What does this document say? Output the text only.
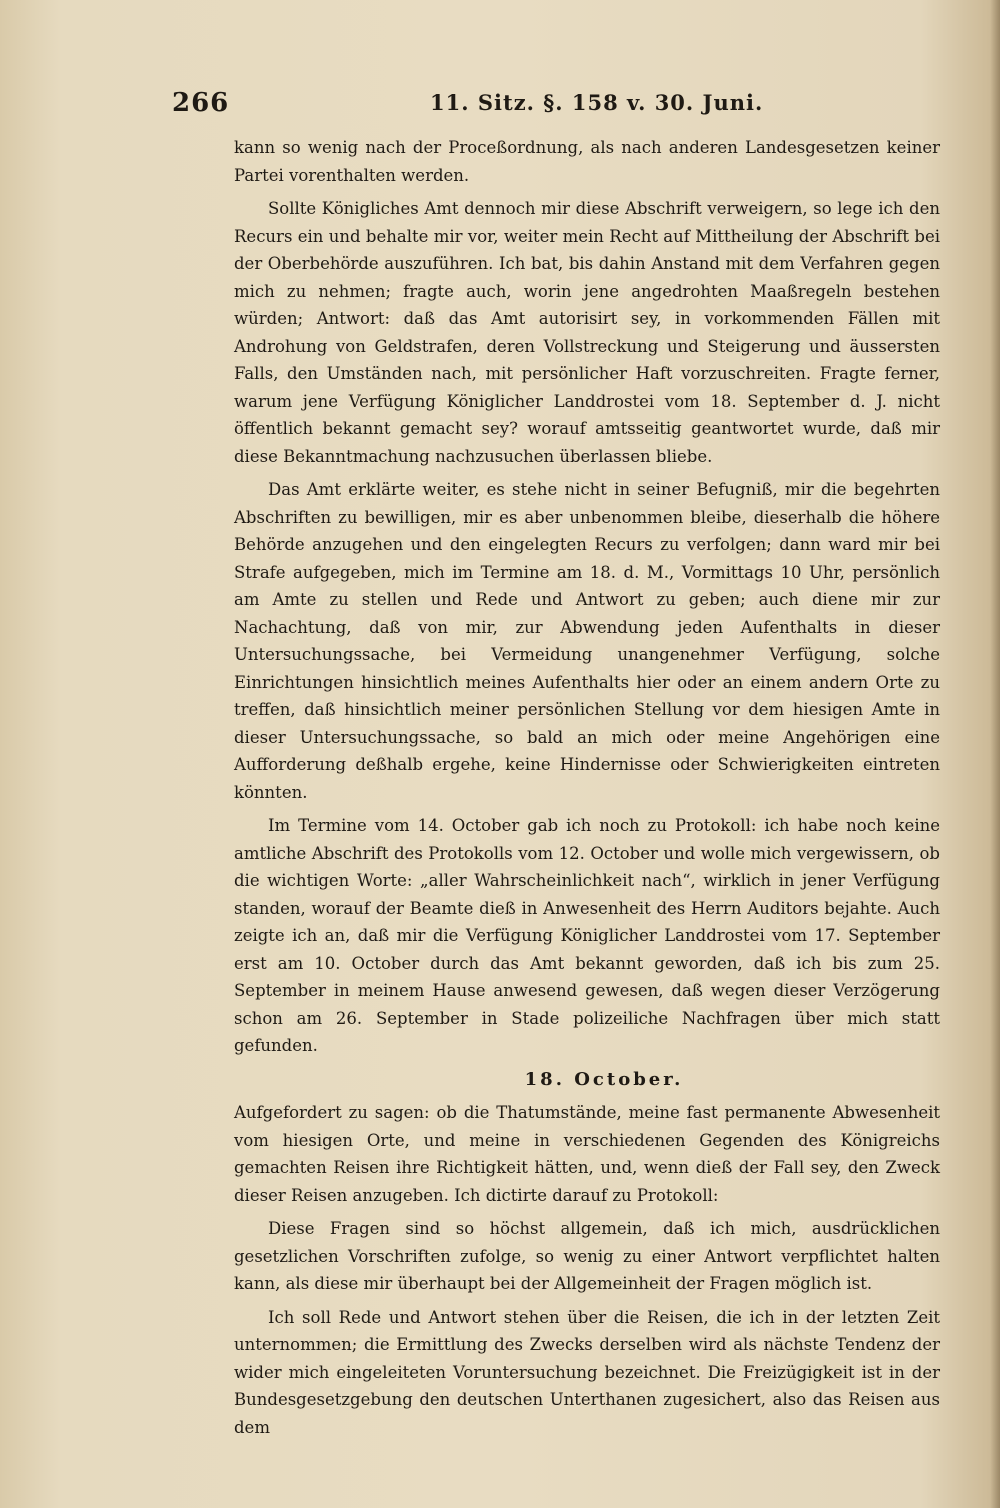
266	11. Sitz. §. 158 v. 30. Juni.

kann so wenig nach der Proceßordnung, als nach anderen Landesgesetzen keiner Partei vorenthalten werden.

Sollte Königliches Amt dennoch mir diese Abschrift verweigern, so lege ich den Recurs ein und behalte mir vor, weiter mein Recht auf Mittheilung der Abschrift bei der Oberbehörde auszuführen. Ich bat, bis dahin Anstand mit dem Verfahren gegen mich zu nehmen; fragte auch, worin jene angedrohten Maaßregeln bestehen würden; Antwort: daß das Amt autorisirt sey, in vorkommenden Fällen mit Androhung von Geldstrafen, deren Vollstreckung und Steigerung und äussersten Falls, den Umständen nach, mit persönlicher Haft vorzuschreiten. Fragte ferner, warum jene Verfügung Königlicher Landdrostei vom 18. September d. J. nicht öffentlich bekannt gemacht sey? worauf amtsseitig geantwortet wurde, daß mir diese Bekanntmachung nachzusuchen überlassen bliebe.

Das Amt erklärte weiter, es stehe nicht in seiner Befugniß, mir die begehrten Abschriften zu bewilligen, mir es aber unbenommen bleibe, dieserhalb die höhere Behörde anzugehen und den eingelegten Recurs zu verfolgen; dann ward mir bei Strafe aufgegeben, mich im Termine am 18. d. M., Vormittags 10 Uhr, persönlich am Amte zu stellen und Rede und Antwort zu geben; auch diene mir zur Nachachtung, daß von mir, zur Abwendung jeden Aufenthalts in dieser Untersuchungssache, bei Vermeidung unangenehmer Verfügung, solche Einrichtungen hinsichtlich meines Aufenthalts hier oder an einem andern Orte zu treffen, daß hinsichtlich meiner persönlichen Stellung vor dem hiesigen Amte in dieser Untersuchungssache, so bald an mich oder meine Angehörigen eine Aufforderung deßhalb ergehe, keine Hindernisse oder Schwierigkeiten eintreten könnten.

Im Termine vom 14. October gab ich noch zu Protokoll: ich habe noch keine amtliche Abschrift des Protokolls vom 12. October und wolle mich vergewissern, ob die wichtigen Worte: „aller Wahrscheinlichkeit nach“, wirklich in jener Verfügung standen, worauf der Beamte dieß in Anwesenheit des Herrn Auditors bejahte. Auch zeigte ich an, daß mir die Verfügung Königlicher Landdrostei vom 17. September erst am 10. October durch das Amt bekannt geworden, daß ich bis zum 25. September in meinem Hause anwesend gewesen, daß wegen dieser Verzögerung schon am 26. September in Stade polizeiliche Nachfragen über mich statt gefunden.

18. October.

Aufgefordert zu sagen: ob die Thatumstände, meine fast permanente Abwesenheit vom hiesigen Orte, und meine in verschiedenen Gegenden des Königreichs gemachten Reisen ihre Richtigkeit hätten, und, wenn dieß der Fall sey, den Zweck dieser Reisen anzugeben. Ich dictirte darauf zu Protokoll:

Diese Fragen sind so höchst allgemein, daß ich mich, ausdrücklichen gesetzlichen Vorschriften zufolge, so wenig zu einer Antwort verpflichtet halten kann, als diese mir überhaupt bei der Allgemeinheit der Fragen möglich ist.

Ich soll Rede und Antwort stehen über die Reisen, die ich in der letzten Zeit unternommen; die Ermittlung des Zwecks derselben wird als nächste Tendenz der wider mich eingeleiteten Voruntersuchung bezeichnet. Die Freizügigkeit ist in der Bundesgesetzgebung den deutschen Unterthanen zugesichert, also das Reisen aus dem
